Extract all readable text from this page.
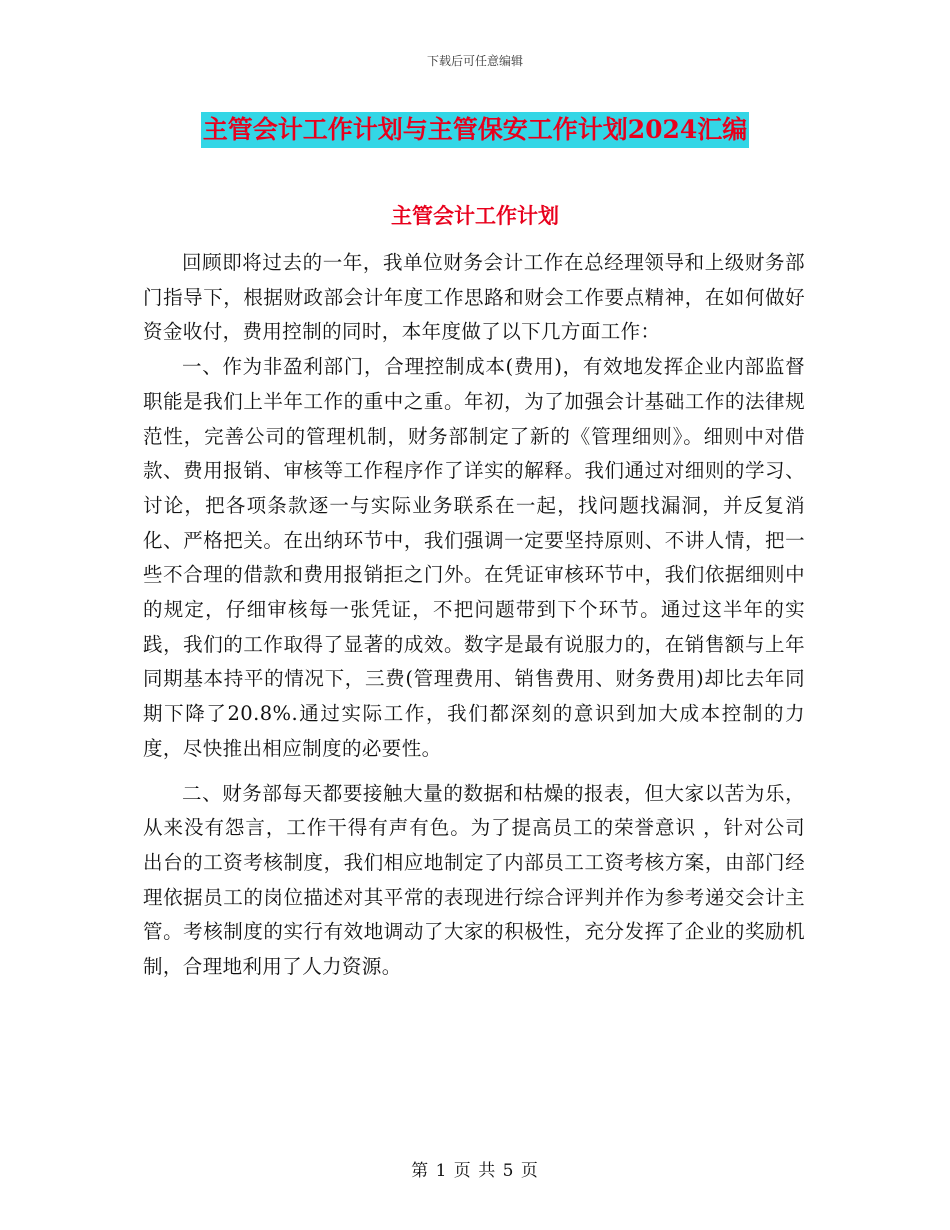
下载后可任意编辑
主管会计工作计划与主管保安工作计划2024汇编
主管会计工作计划

回顾即将过去的一年，我单位财务会计工作在总经理领导和上级财务部门指导下，根据财政部会计年度工作思路和财会工作要点精神，在如何做好资金收付，费用控制的同时，本年度做了以下几方面工作：

一、作为非盈利部门，合理控制成本(费用)，有效地发挥企业内部监督职能是我们上半年工作的重中之重。年初，为了加强会计基础工作的法律规范性，完善公司的管理机制，财务部制定了新的《管理细则》。细则中对借款、费用报销、审核等工作程序作了详实的解释。我们通过对细则的学习、讨论，把各项条款逐一与实际业务联系在一起，找问题找漏洞，并反复消化、严格把关。在出纳环节中，我们强调一定要坚持原则、不讲人情，把一些不合理的借款和费用报销拒之门外。在凭证审核环节中，我们依据细则中的规定，仔细审核每一张凭证，不把问题带到下个环节。通过这半年的实践，我们的工作取得了显著的成效。数字是最有说服力的，在销售额与上年同期基本持平的情况下，三费(管理费用、销售费用、财务费用)却比去年同期下降了20.8%.通过实际工作，我们都深刻的意识到加大成本控制的力度，尽快推出相应制度的必要性。

二、财务部每天都要接触大量的数据和枯燥的报表，但大家以苦为乐，从来没有怨言，工作干得有声有色。为了提高员工的荣誉意识 ，针对公司出台的工资考核制度，我们相应地制定了内部员工工资考核方案，由部门经理依据员工的岗位描述对其平常的表现进行综合评判并作为参考递交会计主管。考核制度的实行有效地调动了大家的积极性，充分发挥了企业的奖励机制，合理地利用了人力资源。

第 1 页 共 5 页
